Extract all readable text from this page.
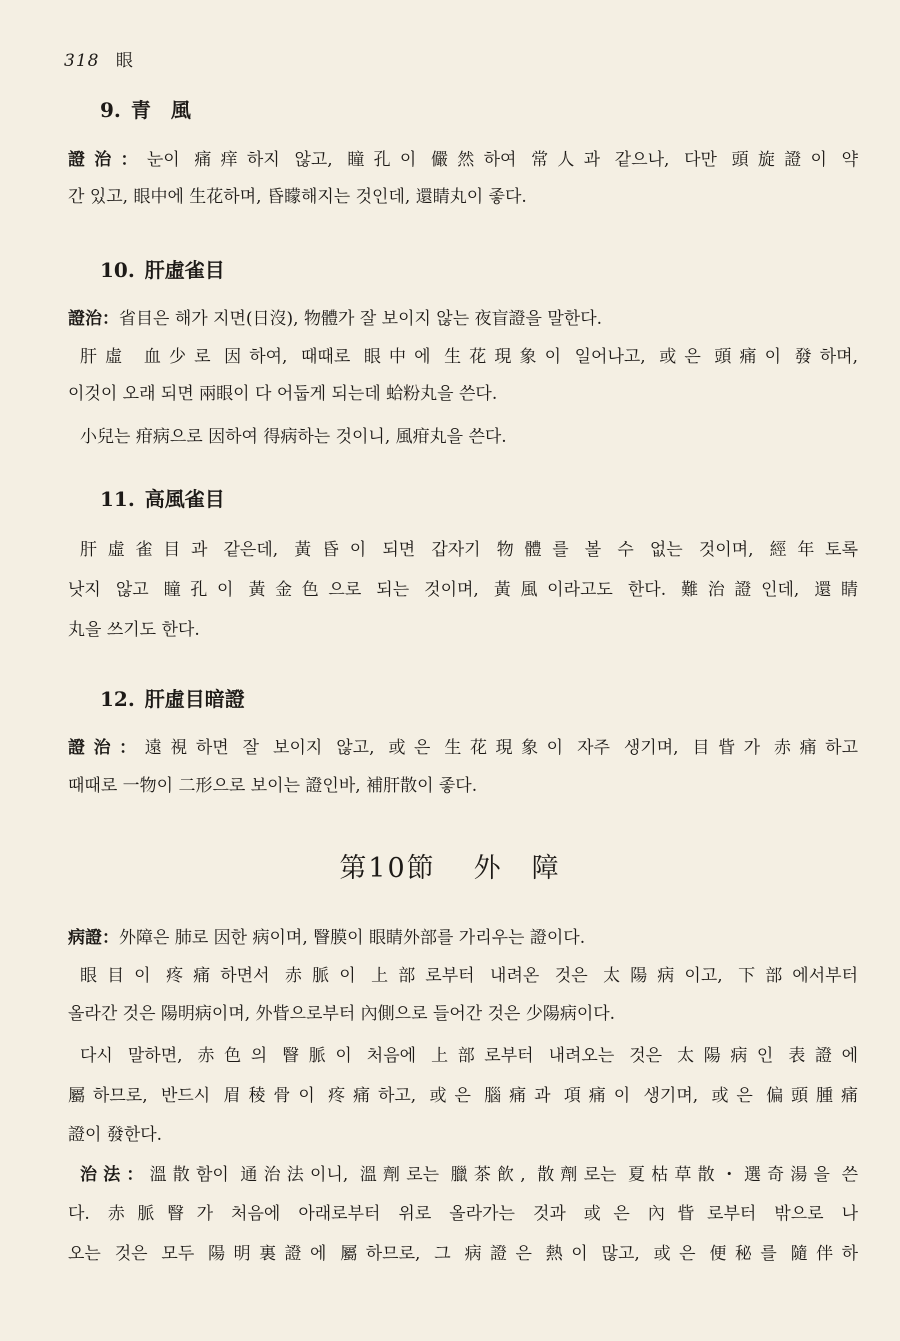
318 眼
9. 青　風
證治：눈이 痛痒하지 않고, 瞳孔이 儼然하여 常人과 같으나, 다만 頭旋證이 약
간 있고, 眼中에 生花하며, 昏矇해지는 것인데, 還睛丸이 좋다.
10. 肝虛雀目
證治：省目은 해가 지면(日沒), 物體가 잘 보이지 않는 夜盲證을 말한다.
肝虛 血少로 因하여, 때때로 眼中에 生花現象이 일어나고, 或은 頭痛이 發하며,
이것이 오래 되면 兩眼이 다 어둡게 되는데 蛤粉丸을 쓴다.
小兒는 疳病으로 因하여 得病하는 것이니, 風疳丸을 쓴다.
11. 高風雀目
肝虛雀目과 같은데, 黃昏이 되면 갑자기 物體를 볼 수 없는 것이며, 經年토록
낫지 않고 瞳孔이 黃金色으로 되는 것이며, 黃風이라고도 한다. 難治證인데, 還睛
丸을 쓰기도 한다.
12. 肝虛目暗證
證治：遠視하면 잘 보이지 않고, 或은 生花現象이 자주 생기며, 目眥가 赤痛하고
때때로 一物이 二形으로 보이는 證인바, 補肝散이 좋다.
第10節 外　障
病證：外障은 肺로 因한 病이며, 瞖膜이 眼睛外部를 가리우는 證이다.
眼目이 疼痛하면서 赤脈이 上部로부터 내려온 것은 太陽病이고, 下部에서부터
올라간 것은 陽明病이며, 外眥으로부터 內側으로 들어간 것은 少陽病이다.
다시 말하면, 赤色의 瞖脈이 처음에 上部로부터 내려오는 것은 太陽病인 表證에
屬하므로, 반드시 眉稜骨이 疼痛하고, 或은 腦痛과 項痛이 생기며, 或은 偏頭腫痛
證이 發한다.
治法：溫散함이 通治法이니, 溫劑로는 臘茶飮, 散劑로는 夏枯草散・選奇湯을 쓴
다. 赤脈瞖가 처음에 아래로부터 위로 올라가는 것과 或은 內眥로부터 밖으로 나
오는 것은 모두 陽明裏證에 屬하므로, 그 病證은 熱이 많고, 或은 便秘를 隨伴하
